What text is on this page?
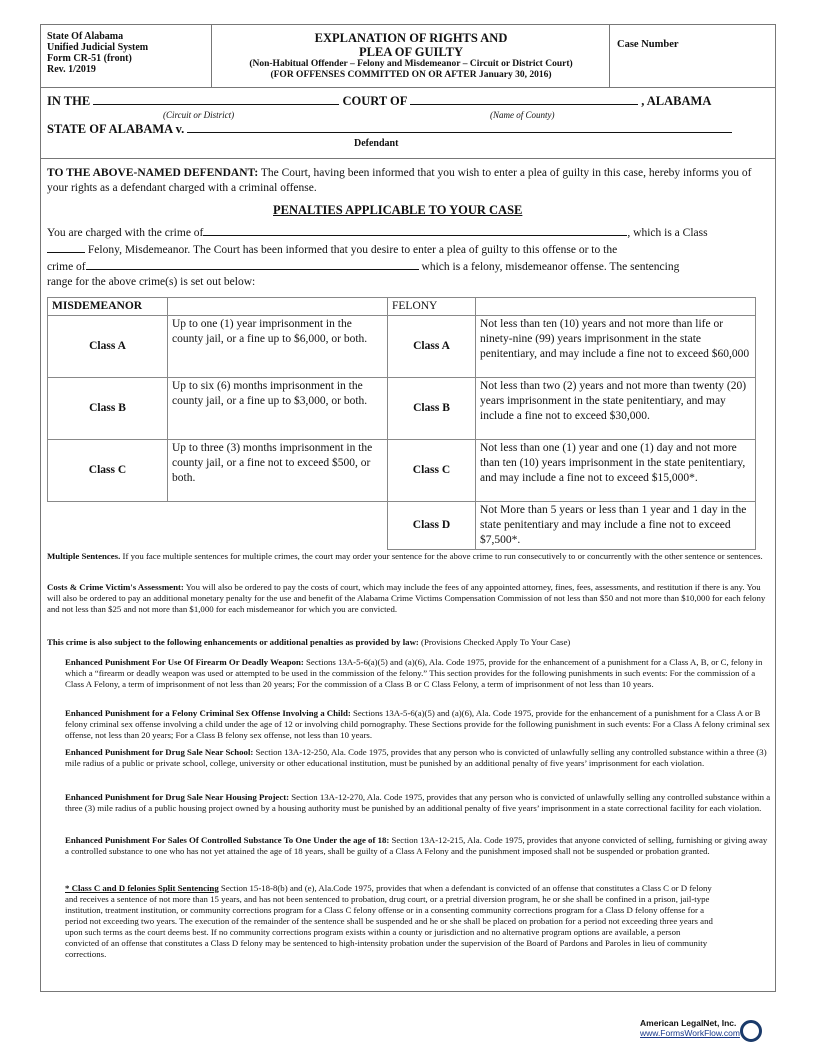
State Of Alabama
Unified Judicial System
Form CR-51 (front)
Rev. 1/2019
EXPLANATION OF RIGHTS AND
PLEA OF GUILTY
(Non-Habitual Offender – Felony and Misdemeanor – Circuit or District Court)
(FOR OFFENSES COMMITTED ON OR AFTER January 30, 2016)
Case Number
IN THE	COURT OF	, ALABAMA
(Circuit or District)	(Name of County)
STATE OF ALABAMA v.
Defendant
TO THE ABOVE-NAMED DEFENDANT: The Court, having been informed that you wish to enter a plea of guilty in this case, hereby informs you of your rights as a defendant charged with a criminal offense.
PENALTIES APPLICABLE TO YOUR CASE
You are charged with the crime of	, which is a Class
Felony, Misdemeanor. The Court has been informed that you desire to enter a plea of guilty to this offense or to the
crime of	which is a felony, misdemeanor offense. The sentencing
range for the above crime(s) is set out below:
MISDEMEANOR		FELONY	
Class A	Up to one (1) year imprisonment in the county jail, or a fine up to $6,000, or both.	Class A	Not less than ten (10) years and not more than life or ninety-nine (99) years imprisonment in the state penitentiary, and may include a fine not to exceed $60,000
Class B	Up to six (6) months imprisonment in the county jail, or a fine up to $3,000, or both.	Class B	Not less than two (2) years and not more than twenty (20) years imprisonment in the state penitentiary, and may include a fine not to exceed $30,000.
Class C	Up to three (3) months imprisonment in the county jail, or a fine not to exceed $500, or both.	Class C	Not less than one (1) year and one (1) day and not more than ten (10) years imprisonment in the state penitentiary, and may include a fine not to exceed $15,000*.
		Class D	Not More than 5 years or less than 1 year and 1 day in the state penitentiary and may include a fine not to exceed $7,500*.
Multiple Sentences. If you face multiple sentences for multiple crimes, the court may order your sentence for the above crime to run consecutively to or concurrently with the other sentence or sentences.
Costs & Crime Victim's Assessment: You will also be ordered to pay the costs of court, which may include the fees of any appointed attorney, fines, fees, assessments, and restitution if there is any. You will also be ordered to pay an additional monetary penalty for the use and benefit of the Alabama Crime Victims Compensation Commission of not less than $50 and not more than $10,000 for each felony and not less than $25 and not more than $1,000 for each misdemeanor for which you are convicted.
This crime is also subject to the following enhancements or additional penalties as provided by law: (Provisions Checked Apply To Your Case)
Enhanced Punishment For Use Of Firearm Or Deadly Weapon: Sections 13A-5-6(a)(5) and (a)(6), Ala. Code 1975, provide for the enhancement of a punishment for a Class A, B, or C, felony in which a “firearm or deadly weapon was used or attempted to be used in the commission of the felony.” This section provides for the following punishments in such events: For the commission of a Class A Felony, a term of imprisonment of not less than 20 years; For the commission of a Class B or C Class Felony, a term of imprisonment of not less than 10 years.
Enhanced Punishment for a Felony Criminal Sex Offense Involving a Child: Sections 13A-5-6(a)(5) and (a)(6), Ala. Code 1975, provide for the enhancement of a punishment for a Class A or B felony criminal sex offense involving a child under the age of 12 or involving child pornography. These Sections provide for the following punishment in such events: For a Class A felony criminal sex offense, not less than 20 years; For a Class B felony sex offense, not less than 10 years.
Enhanced Punishment for Drug Sale Near School: Section 13A-12-250, Ala. Code 1975, provides that any person who is convicted of unlawfully selling any controlled substance within a three (3) mile radius of a public or private school, college, university or other educational institution, must be punished by an additional penalty of five years’ imprisonment for each violation.
Enhanced Punishment for Drug Sale Near Housing Project: Section 13A-12-270, Ala. Code 1975, provides that any person who is convicted of unlawfully selling any controlled substance within a three (3) mile radius of a public housing project owned by a housing authority must be punished by an additional penalty of five years’ imprisonment in a state correctional facility for each violation.
Enhanced Punishment For Sales Of Controlled Substance To One Under the age of 18: Section 13A-12-215, Ala. Code 1975, provides that anyone convicted of selling, furnishing or giving away a controlled substance to one who has not yet attained the age of 18 years, shall be guilty of a Class A Felony and the punishment imposed shall not be suspended or probation granted.
* Class C and D felonies Split Sentencing Section 15-18-8(b) and (e), Ala.Code 1975, provides that when a defendant is convicted of an offense that constitutes a Class C or D felony and receives a sentence of not more than 15 years, and has not been sentenced to probation, drug court, or a pretrial diversion program, he or she shall be confined in a prison, jail-type institution, treatment institution, or community corrections program for a Class C felony offense or in a consenting community corrections program for a Class D felony offense for a period not exceeding two years. The execution of the remainder of the sentence shall be suspended and he or she shall be placed on probation for a period not exceeding three years and upon such terms as the court deems best. If no community corrections program exists within a county or jurisdiction and no alternative program options are available, a person convicted of an offense that constitutes a Class D felony may be sentenced to high-intensity probation under the supervision of the Board of Pardons and Paroles in lieu of community corrections.
American LegalNet, Inc.
www.FormsWorkFlow.com
